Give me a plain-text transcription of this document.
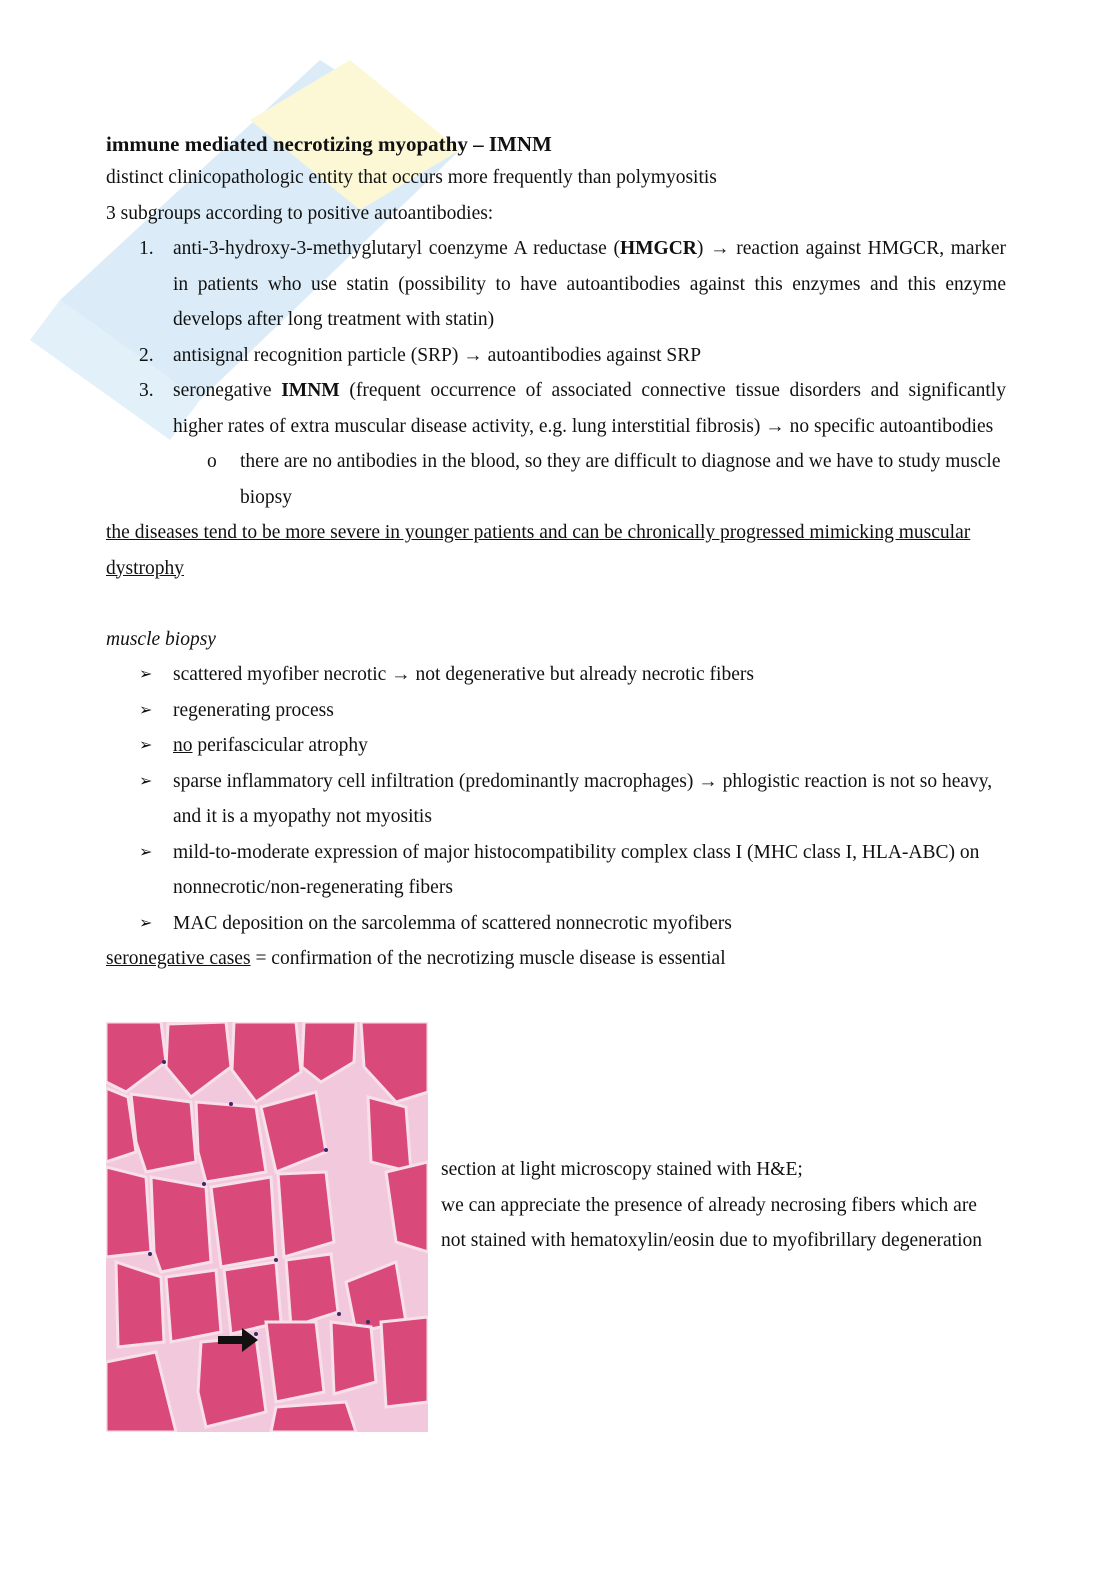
immune mediated necrotizing myopathy – IMNM

distinct clinicopathologic entity that occurs more frequently than polymyositis

3 subgroups according to positive autoantibodies:

1. anti-3-hydroxy-3-methyglutaryl coenzyme A reductase (HMGCR) → reaction against HMGCR, marker in patients who use statin (possibility to have autoantibodies against this enzymes and this enzyme develops after long treatment with statin)
2. antisignal recognition particle (SRP) → autoantibodies against SRP
3. seronegative IMNM (frequent occurrence of associated connective tissue disorders and significantly higher rates of extra muscular disease activity, e.g. lung interstitial fibrosis) → no specific autoantibodies
o there are no antibodies in the blood, so they are difficult to diagnose and we have to study muscle biopsy

the diseases tend to be more severe in younger patients and can be chronically progressed mimicking muscular dystrophy

muscle biopsy

➢ scattered myofiber necrotic → not degenerative but already necrotic fibers
➢ regenerating process
➢ no perifascicular atrophy
➢ sparse inflammatory cell infiltration (predominantly macrophages) → phlogistic reaction is not so heavy, and it is a myopathy not myositis
➢ mild-to-moderate expression of major histocompatibility complex class I (MHC class I, HLA-ABC) on nonnecrotic/non-regenerating fibers
➢ MAC deposition on the sarcolemma of scattered nonnecrotic myofibers

seronegative cases = confirmation of the necrotizing muscle disease is essential

section at light microscopy stained with H&E;

we can appreciate the presence of already necrosing fibers which are not stained with hematoxylin/eosin due to myofibrillary degeneration
